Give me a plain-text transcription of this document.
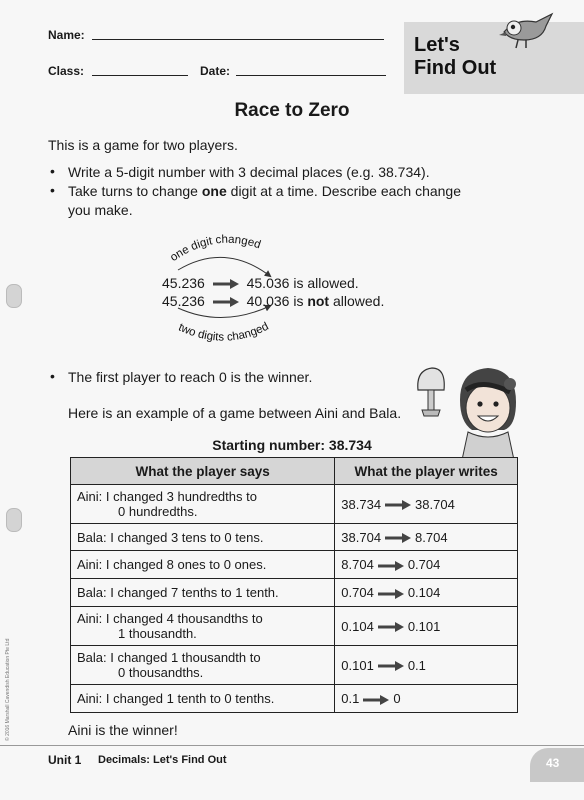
Name:
Class:	Date:
Let's
Find Out
Race to Zero
This is a game for two players.
• Write a 5-digit number with 3 decimal places (e.g. 38.734).
• Take turns to change one digit at a time. Describe each change
you make.
one digit changed
two digits changed
45.236	45.036 is allowed.
45.236	40.036 is not allowed.
• The first player to reach 0 is the winner.
Here is an example of a game between Aini and Bala.
Starting number: 38.734
What the player says	What the player writes

Aini: I changed 3 hundredths to
0 hundredths.	38.734 38.704

Bala: I changed 3 tens to 0 tens.	38.704 8.704

Aini: I changed 8 ones to 0 ones.	8.704 0.704

Bala: I changed 7 tenths to 1 tenth.	0.704 0.104

Aini: I changed 4 thousandths to
1 thousandth.	0.104 0.101

Bala: I changed 1 thousandth to
0 thousandths.	0.101 0.1

Aini: I changed 1 tenth to 0 tenths.	0.1 0
Aini is the winner!
Unit 1 Decimals: Let's Find Out	43
© 2016 Marshall Cavendish Education Pte Ltd
